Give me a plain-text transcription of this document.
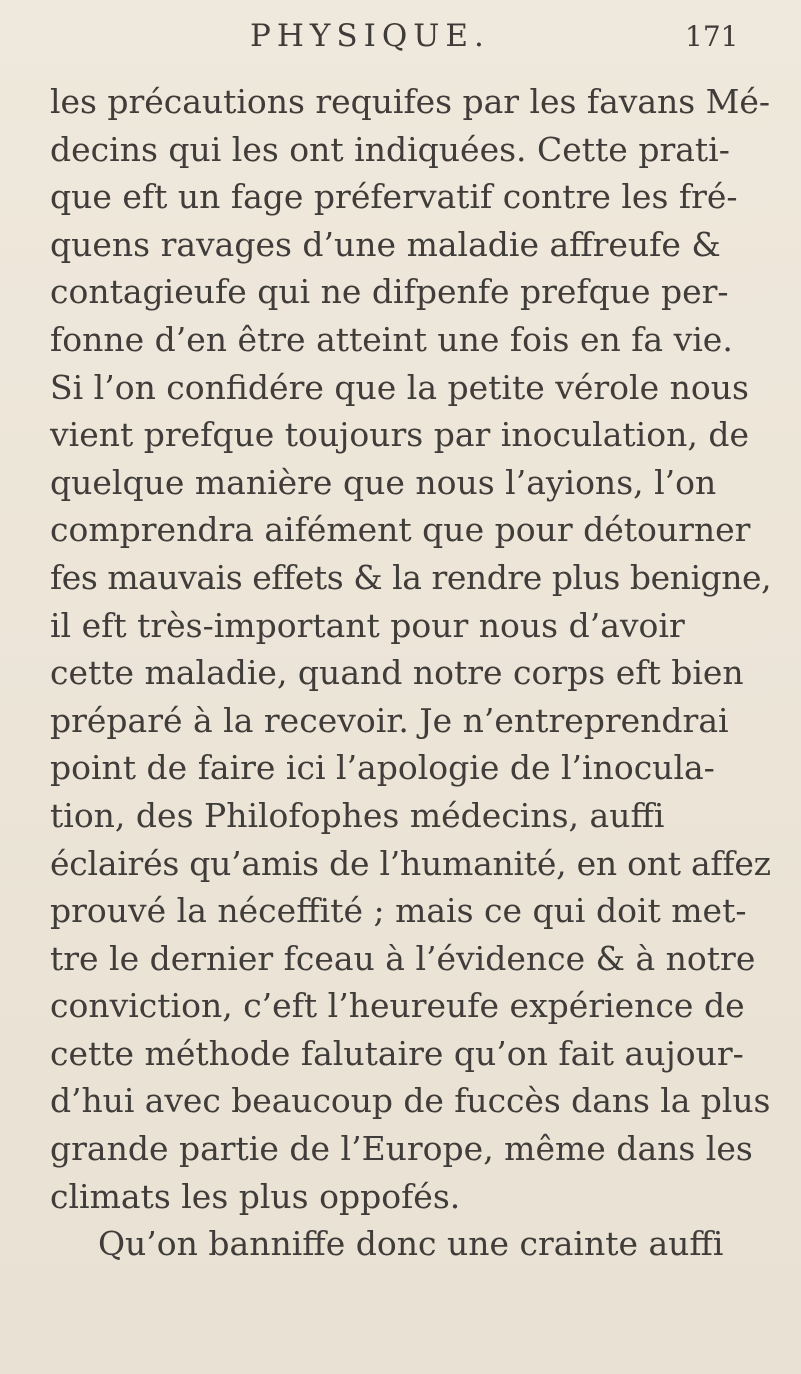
PHYSIQUE.	171
les précautions requifes par les favans Mé-
decins qui les ont indiquées. Cette prati-
que eft un fage préfervatif contre les fré-
quens ravages d’une maladie affreufe &
contagieufe qui ne difpenfe prefque per-
fonne d’en être atteint une fois en fa vie.
Si l’on confidére que la petite vérole nous
vient prefque toujours par inoculation, de
quelque manière que nous l’ayions, l’on
comprendra aifément que pour détourner
fes mauvais effets & la rendre plus benigne,
il eft très-important pour nous d’avoir
cette maladie, quand notre corps eft bien
préparé à la recevoir. Je n’entreprendrai
point de faire ici l’apologie de l’inocula-
tion, des Philofophes médecins, auffi
éclairés qu’amis de l’humanité, en ont affez
prouvé la néceffité ; mais ce qui doit met-
tre le dernier fceau à l’évidence & à notre
conviction, c’eft l’heureufe expérience de
cette méthode falutaire qu’on fait aujour-
d’hui avec beaucoup de fuccès dans la plus
grande partie de l’Europe, même dans les
climats les plus oppofés.
Qu’on banniffe donc une crainte auffi
